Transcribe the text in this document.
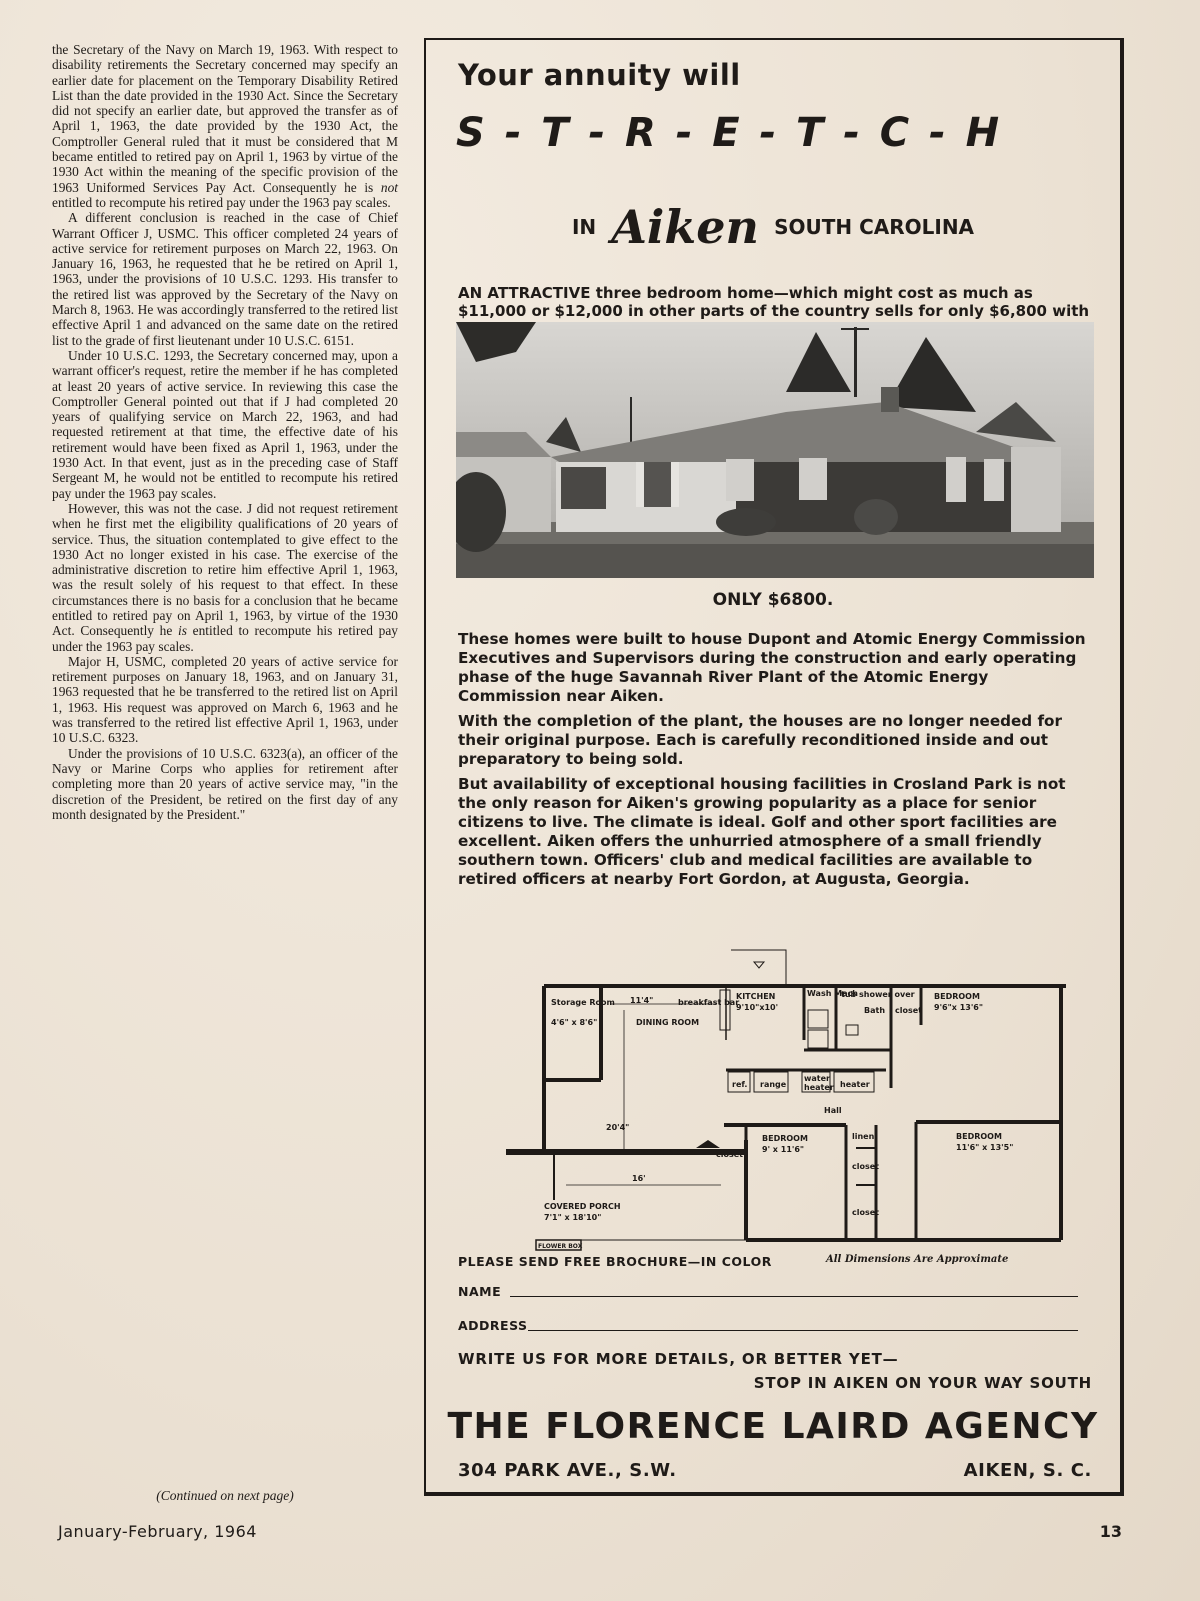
the Secretary of the Navy on March 19, 1963. With respect to disability retirements the Secretary concerned may specify an earlier date for placement on the Temporary Disability Retired List than the date provided in the 1930 Act. Since the Secretary did not specify an earlier date, but approved the transfer as of April 1, 1963, the date provided by the 1930 Act, the Comptroller General ruled that it must be considered that M became entitled to retired pay on April 1, 1963 by virtue of the 1930 Act within the meaning of the specific provision of the 1963 Uniformed Services Pay Act. Consequently he is not entitled to recompute his retired pay under the 1963 pay scales.

A different conclusion is reached in the case of Chief Warrant Officer J, USMC. This officer completed 24 years of active service for retirement purposes on March 22, 1963. On January 16, 1963, he requested that he be retired on April 1, 1963, under the provisions of 10 U.S.C. 1293. His transfer to the retired list was approved by the Secretary of the Navy on March 8, 1963. He was accordingly transferred to the retired list effective April 1 and advanced on the same date on the retired list to the grade of first lieutenant under 10 U.S.C. 6151.

Under 10 U.S.C. 1293, the Secretary concerned may, upon a warrant officer's request, retire the member if he has completed at least 20 years of active service. In reviewing this case the Comptroller General pointed out that if J had completed 20 years of qualifying service on March 22, 1963, and had requested retirement at that time, the effective date of his retirement would have been fixed as April 1, 1963, under the 1930 Act. In that event, just as in the preceding case of Staff Sergeant M, he would not be entitled to recompute his retired pay under the 1963 pay scales.

However, this was not the case. J did not request retirement when he first met the eligibility qualifications of 20 years of service. Thus, the situation contemplated to give effect to the 1930 Act no longer existed in his case. The exercise of the administrative discretion to retire him effective April 1, 1963, was the result solely of his request to that effect. In these circumstances there is no basis for a conclusion that he became entitled to retired pay on April 1, 1963, by virtue of the 1930 Act. Consequently he is entitled to recompute his retired pay under the 1963 pay scales.

Major H, USMC, completed 20 years of active service for retirement purposes on January 18, 1963, and on January 31, 1963 requested that he be transferred to the retired list on April 1, 1963. His request was approved on March 6, 1963 and he was transferred to the retired list effective April 1, 1963, under 10 U.S.C. 6323.

Under the provisions of 10 U.S.C. 6323(a), an officer of the Navy or Marine Corps who applies for retirement after completing more than 20 years of active service may, "in the discretion of the President, be retired on the first day of any month designated by the President."

(Continued on next page)
Your annuity will
S - T - R - E - T - C - H
IN Aiken SOUTH CAROLINA
AN ATTRACTIVE three bedroom home—which might cost as much as $11,000 or $12,000 in other parts of the country sells for only $6,800 with
ONLY $6800.

These homes were built to house Dupont and Atomic Energy Commission Executives and Supervisors during the construction and early operating phase of the huge Savannah River Plant of the Atomic Energy Commission near Aiken.

With the completion of the plant, the houses are no longer needed for their original purpose. Each is carefully reconditioned inside and out preparatory to being sold.

But availability of exceptional housing facilities in Crosland Park is not the only reason for Aiken's growing popularity as a place for senior citizens to live. The climate is ideal. Golf and other sport facilities are excellent. Aiken offers the unhurried atmosphere of a small friendly southern town. Officers' club and medical facilities are available to retired officers at nearby Fort Gordon, at Augusta, Georgia.

Storage Room
4'6" x 8'6"
11'4"	breakfast bar
KITCHEN
9'10"x10'
Wash Mach
tub shower over
Bath closet
BEDROOM
9'6"x 13'6"
DINING ROOM
ref. range
water heater heater
Hall
20'4"
BEDROOM
9' x 11'6"
linen
closet
BEDROOM
11'6" x 13'5"
LIVING ROOM	closet
16'
COVERED PORCH
7'1" x 18'10"
closet
FLOWER BOX
All Dimensions Are Approximate
PLEASE SEND FREE BROCHURE—IN COLOR
NAME
ADDRESS
WRITE US FOR MORE DETAILS, OR BETTER YET—
STOP IN AIKEN ON YOUR WAY SOUTH
THE FLORENCE LAIRD AGENCY
304 PARK AVE., S.W.	AIKEN, S. C.
January-February, 1964	13
